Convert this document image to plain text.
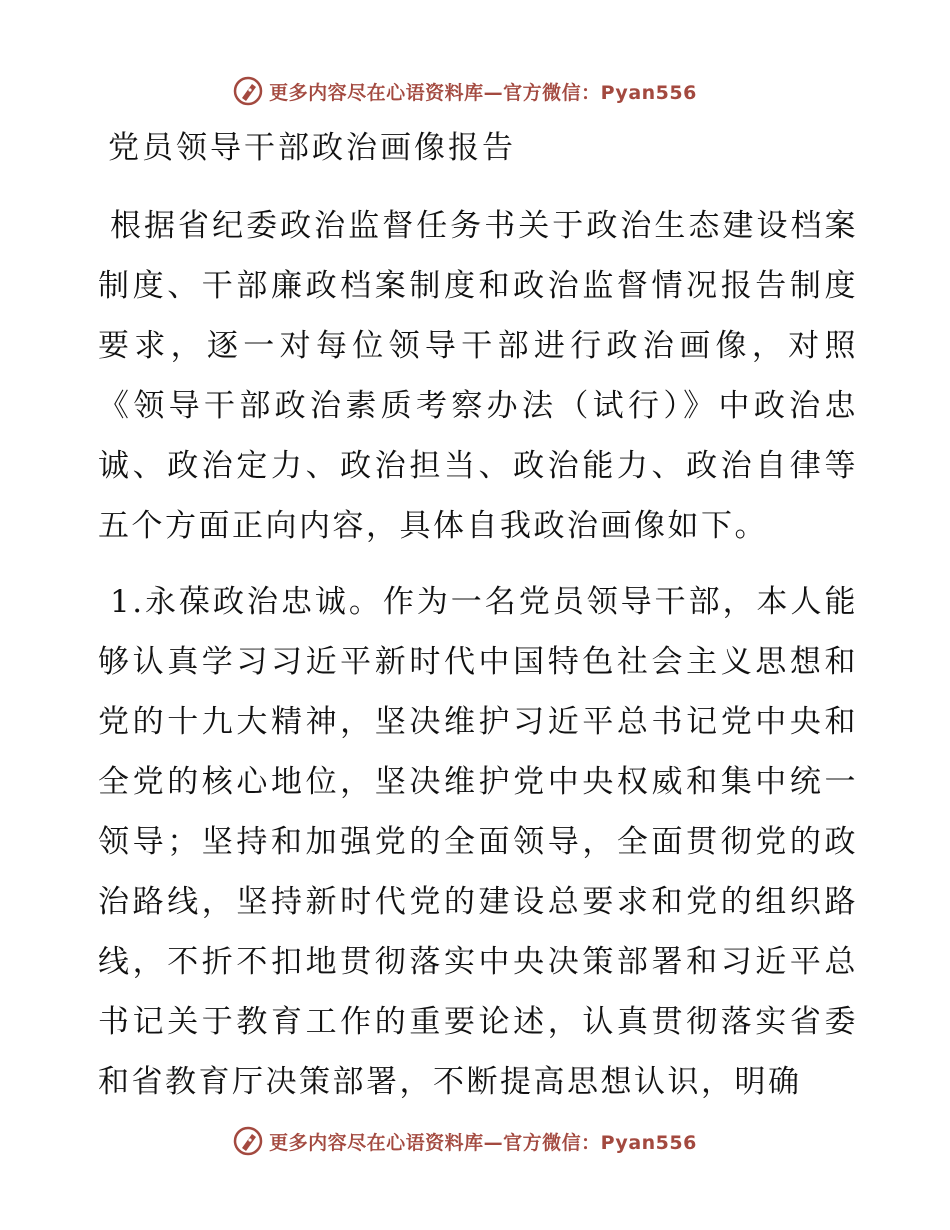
更多内容尽在心语资料库—官方微信：Pyan556
党员领导干部政治画像报告

根据省纪委政治监督任务书关于政治生态建设档案制度、干部廉政档案制度和政治监督情况报告制度要求，逐一对每位领导干部进行政治画像，对照《领导干部政治素质考察办法（试行）》中政治忠诚、政治定力、政治担当、政治能力、政治自律等五个方面正向内容，具体自我政治画像如下。

1.永葆政治忠诚。作为一名党员领导干部，本人能够认真学习习近平新时代中国特色社会主义思想和党的十九大精神，坚决维护习近平总书记党中央和全党的核心地位，坚决维护党中央权威和集中统一领导；坚持和加强党的全面领导，全面贯彻党的政治路线，坚持新时代党的建设总要求和党的组织路线，不折不扣地贯彻落实中央决策部署和习近平总书记关于教育工作的重要论述，认真贯彻落实省委和省教育厅决策部署，不断提高思想认识，明确

更多内容尽在心语资料库—官方微信：Pyan556
